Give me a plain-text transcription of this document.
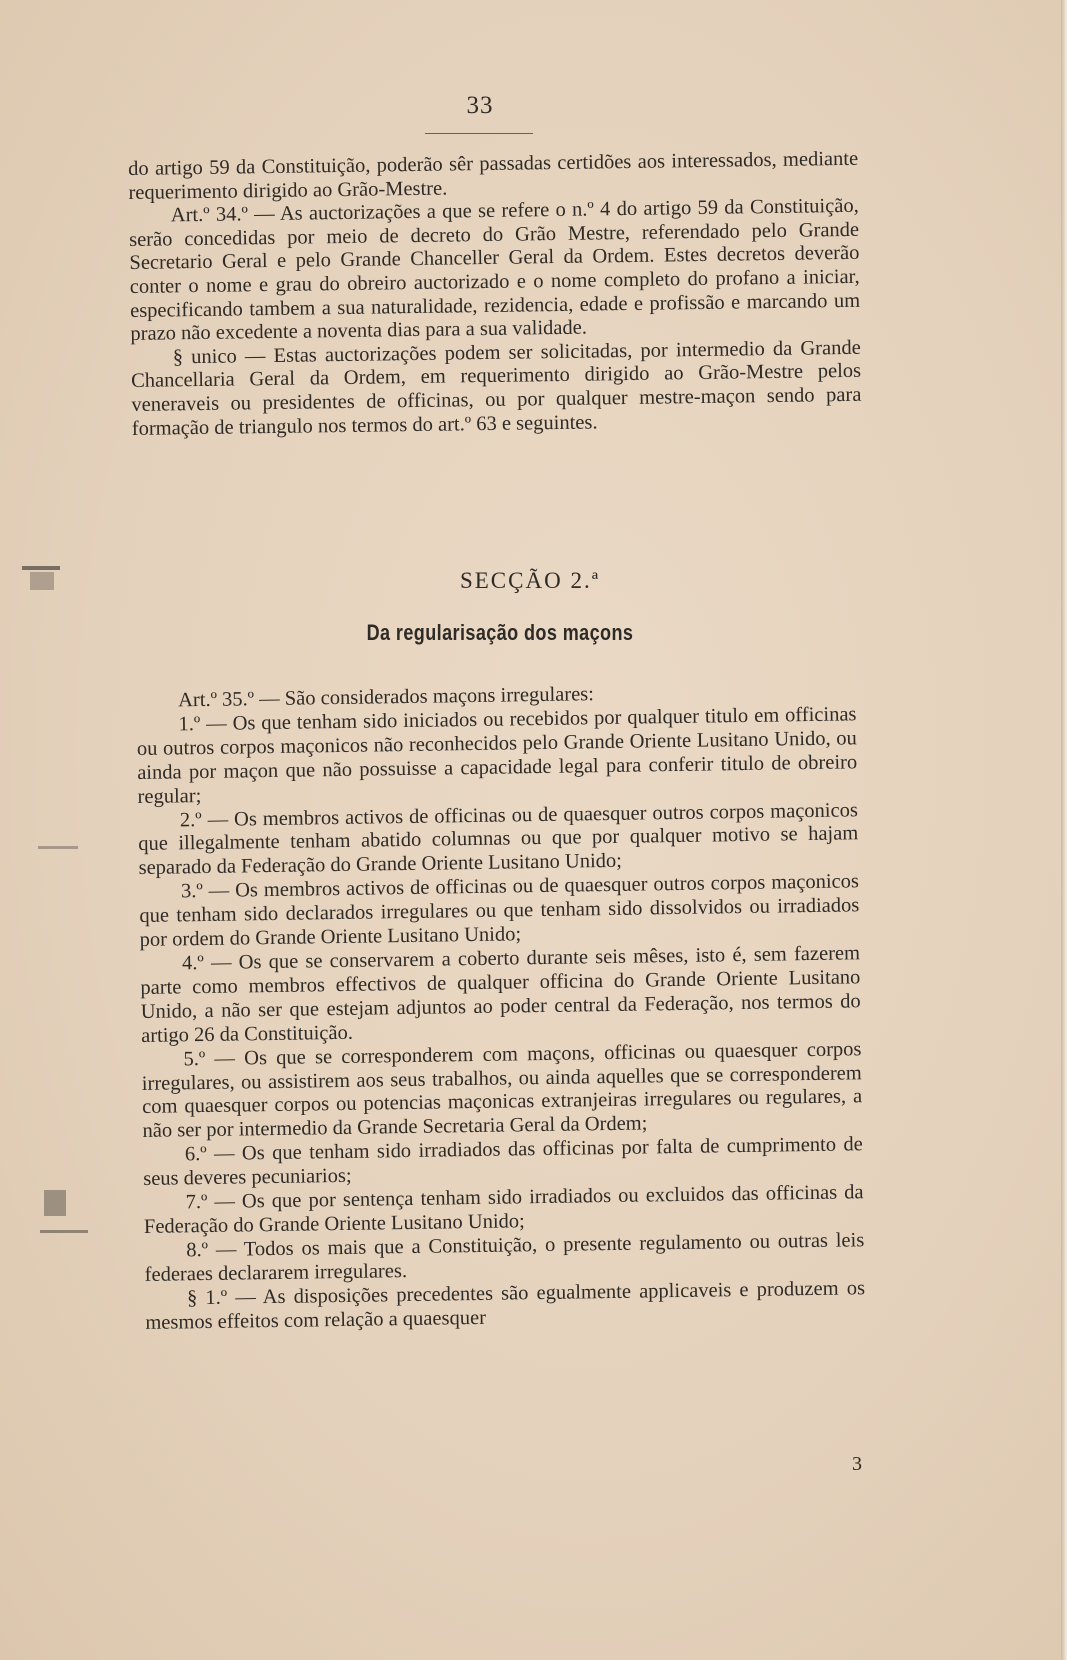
33

do artigo 59 da Constituição, poderão sêr passadas certidões aos interessados, mediante requerimento dirigido ao Grão-Mestre.

Art.º 34.º — As auctorizações a que se refere o n.º 4 do artigo 59 da Constituição, serão concedidas por meio de decreto do Grão Mestre, referendado pelo Grande Secretario Geral e pelo Grande Chanceller Geral da Ordem. Estes decretos deverão conter o nome e grau do obreiro auctorizado e o nome completo do profano a iniciar, especificando tambem a sua naturalidade, rezidencia, edade e profissão e marcando um prazo não excedente a noventa dias para a sua validade.

§ unico — Estas auctorizações podem ser solicitadas, por intermedio da Grande Chancellaria Geral da Ordem, em requerimento dirigido ao Grão-Mestre pelos veneraveis ou presidentes de officinas, ou por qualquer mestre-maçon sendo para formação de triangulo nos termos do art.º 63 e seguintes.

SECÇÃO 2.ª
Da regularisação dos maçons

Art.º 35.º — São considerados maçons irregulares:

1.º — Os que tenham sido iniciados ou recebidos por qualquer titulo em officinas ou outros corpos maçonicos não reconhecidos pelo Grande Oriente Lusitano Unido, ou ainda por maçon que não possuisse a capacidade legal para conferir titulo de obreiro regular;

2.º — Os membros activos de officinas ou de quaesquer outros corpos maçonicos que illegalmente tenham abatido columnas ou que por qualquer motivo se hajam separado da Federação do Grande Oriente Lusitano Unido;

3.º — Os membros activos de officinas ou de quaesquer outros corpos maçonicos que tenham sido declarados irregulares ou que tenham sido dissolvidos ou irradiados por ordem do Grande Oriente Lusitano Unido;

4.º — Os que se conservarem a coberto durante seis mêses, isto é, sem fazerem parte como membros effectivos de qualquer officina do Grande Oriente Lusitano Unido, a não ser que estejam adjuntos ao poder central da Federação, nos termos do artigo 26 da Constituição.

5.º — Os que se corresponderem com maçons, officinas ou quaesquer corpos irregulares, ou assistirem aos seus trabalhos, ou ainda aquelles que se corresponderem com quaesquer corpos ou potencias maçonicas extranjeiras irregulares ou regulares, a não ser por intermedio da Grande Secretaria Geral da Ordem;

6.º — Os que tenham sido irradiados das officinas por falta de cumprimento de seus deveres pecuniarios;

7.º — Os que por sentença tenham sido irradiados ou excluidos das officinas da Federação do Grande Oriente Lusitano Unido;

8.º — Todos os mais que a Constituição, o presente regulamento ou outras leis federaes declararem irregulares.

§ 1.º — As disposições precedentes são egualmente applicaveis e produzem os mesmos effeitos com relação a quaesquer

3
